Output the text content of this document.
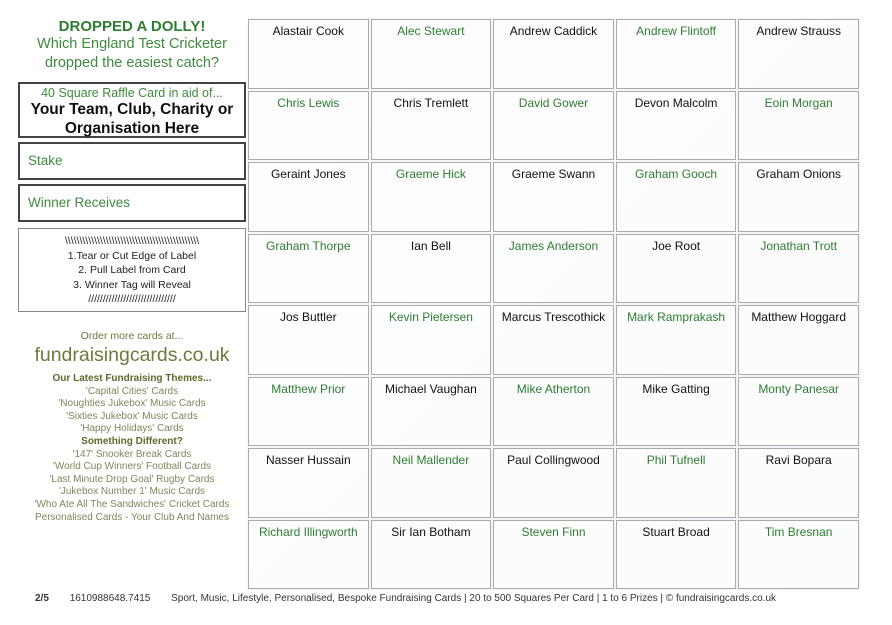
DROPPED A DOLLY!
Which England Test Cricketer dropped the easiest catch?
40 Square Raffle Card in aid of...
Your Team, Club, Charity or Organisation Here
Stake
Winner Receives
\\\\\\\\\\\\\\\\\\\\\\\\\\\\\\\\\\\\\\\\\\\\\\
1.Tear or Cut Edge of Label
2. Pull Label from Card
3. Winner Tag will Reveal
//////////////////////////////
Order more cards at...
fundraisingcards.co.uk
Our Latest Fundraising Themes...
'Capital Cities' Cards
'Noughties Jukebox' Music Cards
'Sixties Jukebox' Music Cards
'Happy Holidays' Cards
Something Different?
'147' Snooker Break Cards
'World Cup Winners' Football Cards
'Last Minute Drop Goal' Rugby Cards
'Jukebox Number 1' Music Cards
'Who Ate All The Sandwiches' Cricket Cards
Personalised Cards - Your Club And Names
Alastair Cook	Alec Stewart	Andrew Caddick	Andrew Flintoff	Andrew Strauss
Chris Lewis	Chris Tremlett	David Gower	Devon Malcolm	Eoin Morgan
Geraint Jones	Graeme Hick	Graeme Swann	Graham Gooch	Graham Onions
Graham Thorpe	Ian Bell	James Anderson	Joe Root	Jonathan Trott
Jos Buttler	Kevin Pietersen	Marcus Trescothick	Mark Ramprakash	Matthew Hoggard
Matthew Prior	Michael Vaughan	Mike Atherton	Mike Gatting	Monty Panesar
Nasser Hussain	Neil Mallender	Paul Collingwood	Phil Tufnell	Ravi Bopara
Richard Illingworth	Sir Ian Botham	Steven Finn	Stuart Broad	Tim Bresnan
2/5 1610988648.7415 Sport, Music, Lifestyle, Personalised, Bespoke Fundraising Cards | 20 to 500 Squares Per Card | 1 to 6 Prizes | © fundraisingcards.co.uk
